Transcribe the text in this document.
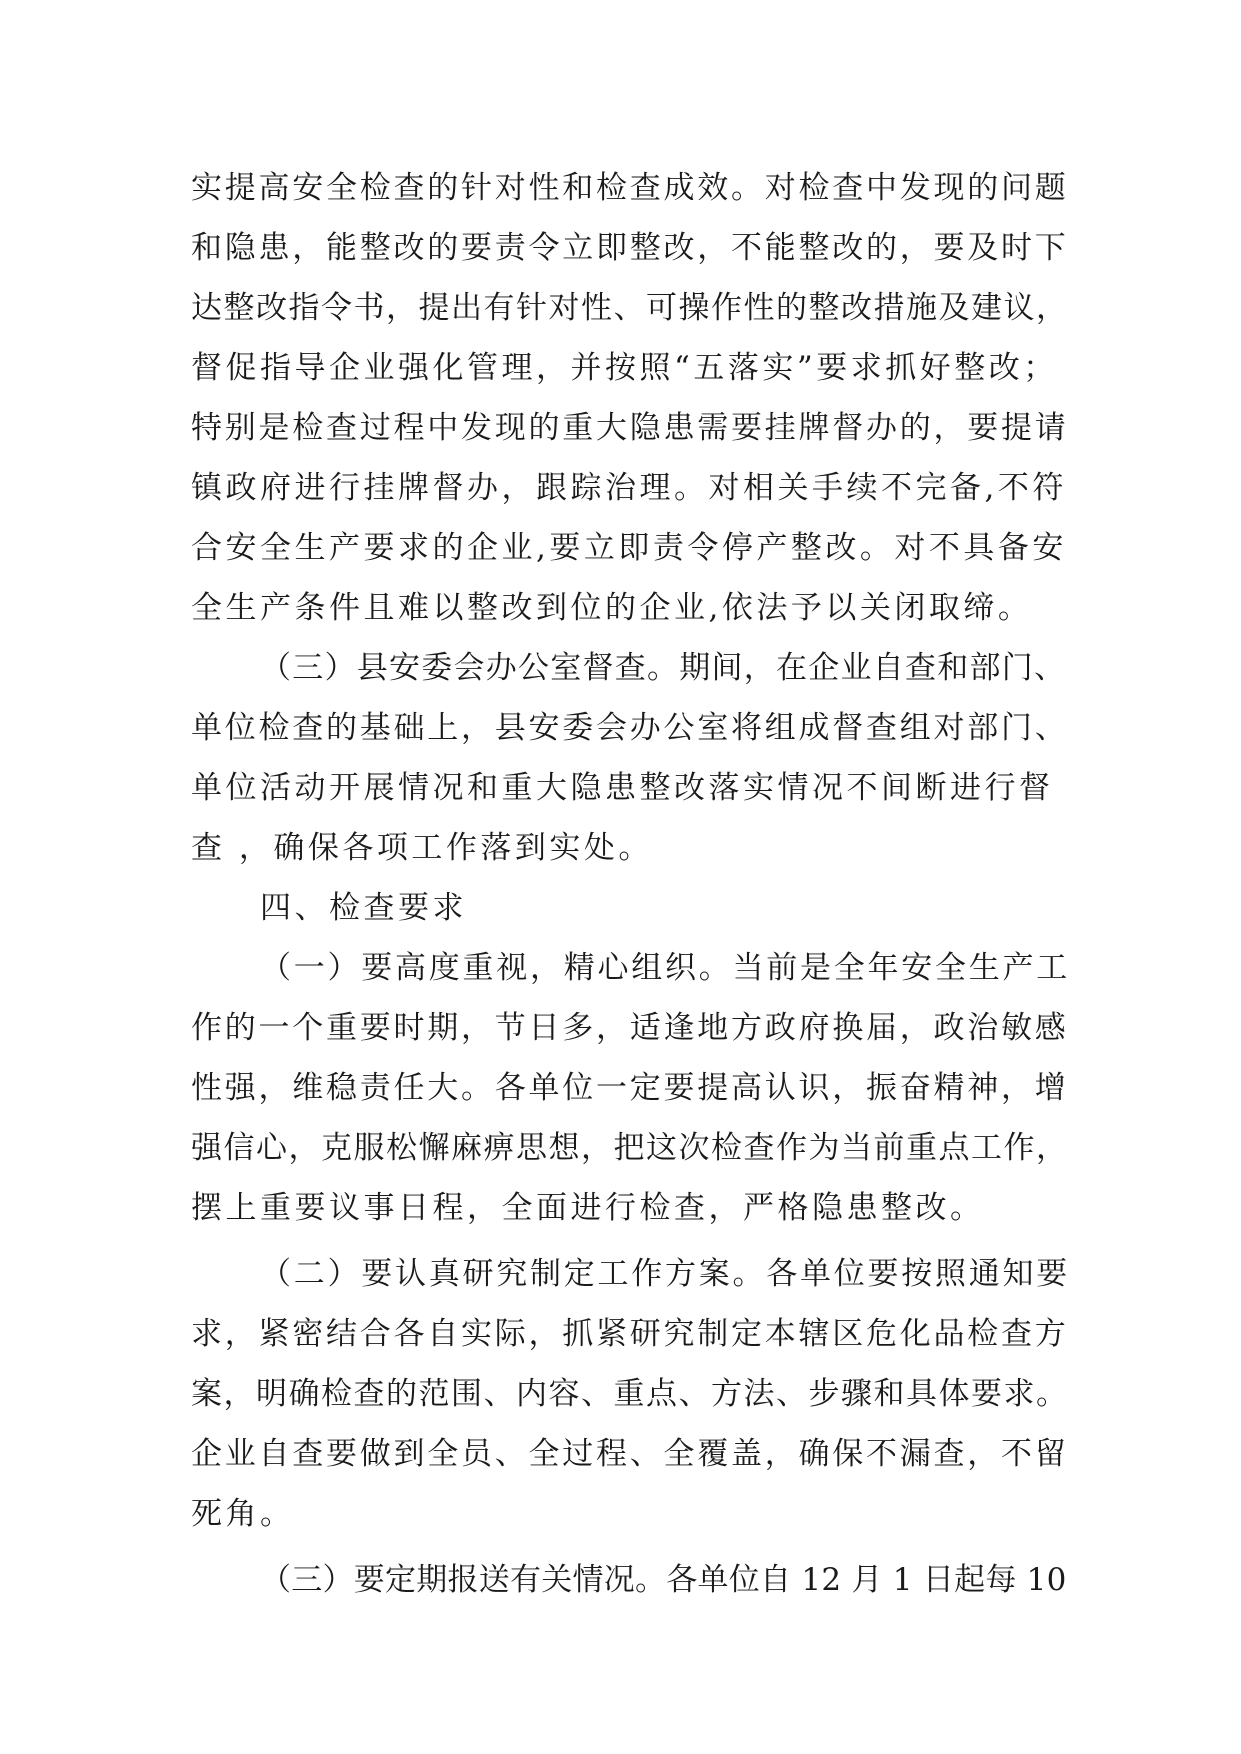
实提高安全检查的针对性和检查成效。对检查中发现的问题
和隐患，能整改的要责令立即整改，不能整改的，要及时下
达整改指令书，提出有针对性、可操作性的整改措施及建议，
督促指导企业强化管理，并按照“五落实”要求抓好整改；
特别是检查过程中发现的重大隐患需要挂牌督办的，要提请
镇政府进行挂牌督办，跟踪治理。对相关手续不完备,不符
合安全生产要求的企业,要立即责令停产整改。对不具备安
全生产条件且难以整改到位的企业,依法予以关闭取缔。
（三）县安委会办公室督查。期间，在企业自查和部门、
单位检查的基础上，县安委会办公室将组成督查组对部门、
单位活动开展情况和重大隐患整改落实情况不间断进行督
查 ，确保各项工作落到实处。
四、检查要求
（一）要高度重视，精心组织。当前是全年安全生产工
作的一个重要时期，节日多，适逢地方政府换届，政治敏感
性强，维稳责任大。各单位一定要提高认识，振奋精神，增
强信心，克服松懈麻痹思想，把这次检查作为当前重点工作，
摆上重要议事日程，全面进行检查，严格隐患整改。
（二）要认真研究制定工作方案。各单位要按照通知要
求，紧密结合各自实际，抓紧研究制定本辖区危化品检查方
案，明确检查的范围、内容、重点、方法、步骤和具体要求。
企业自查要做到全员、全过程、全覆盖，确保不漏查，不留
死角。
（三）要定期报送有关情况。各单位自 12 月 1 日起每 10
